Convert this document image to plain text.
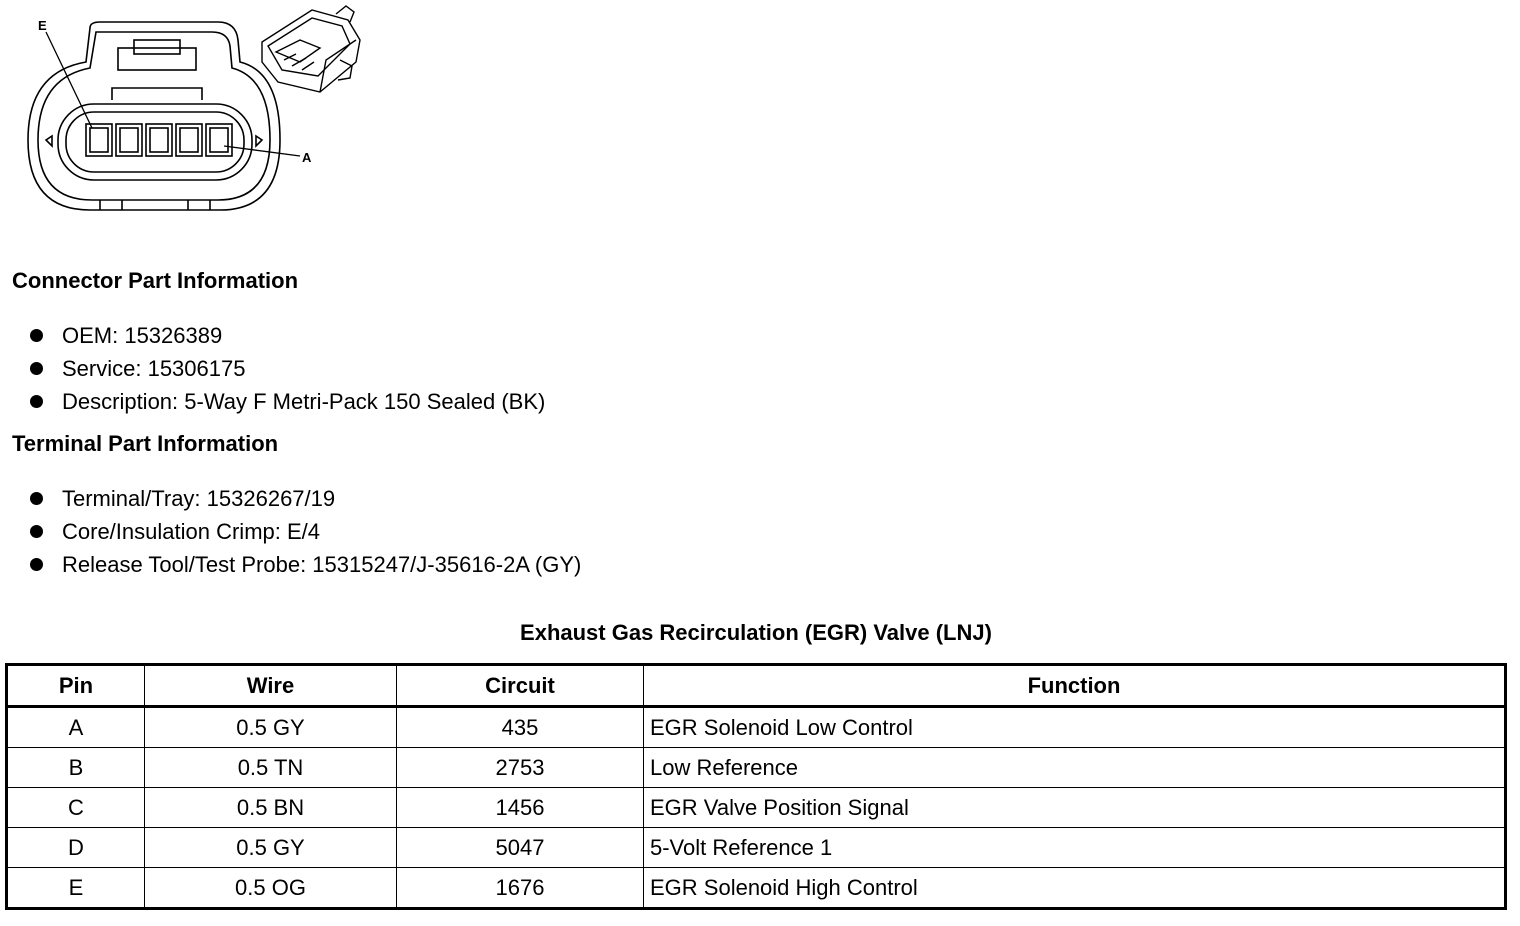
E
A
Connector Part Information
OEM: 15326389
Service: 15306175
Description: 5-Way F Metri-Pack 150 Sealed (BK)
Terminal Part Information
Terminal/Tray: 15326267/19
Core/Insulation Crimp: E/4
Release Tool/Test Probe: 15315247/J-35616-2A (GY)
Exhaust Gas Recirculation (EGR) Valve (LNJ)
Pin	Wire	Circuit	Function
A	0.5 GY	435	EGR Solenoid Low Control
B	0.5 TN	2753	Low Reference
C	0.5 BN	1456	EGR Valve Position Signal
D	0.5 GY	5047	5-Volt Reference 1
E	0.5 OG	1676	EGR Solenoid High Control
